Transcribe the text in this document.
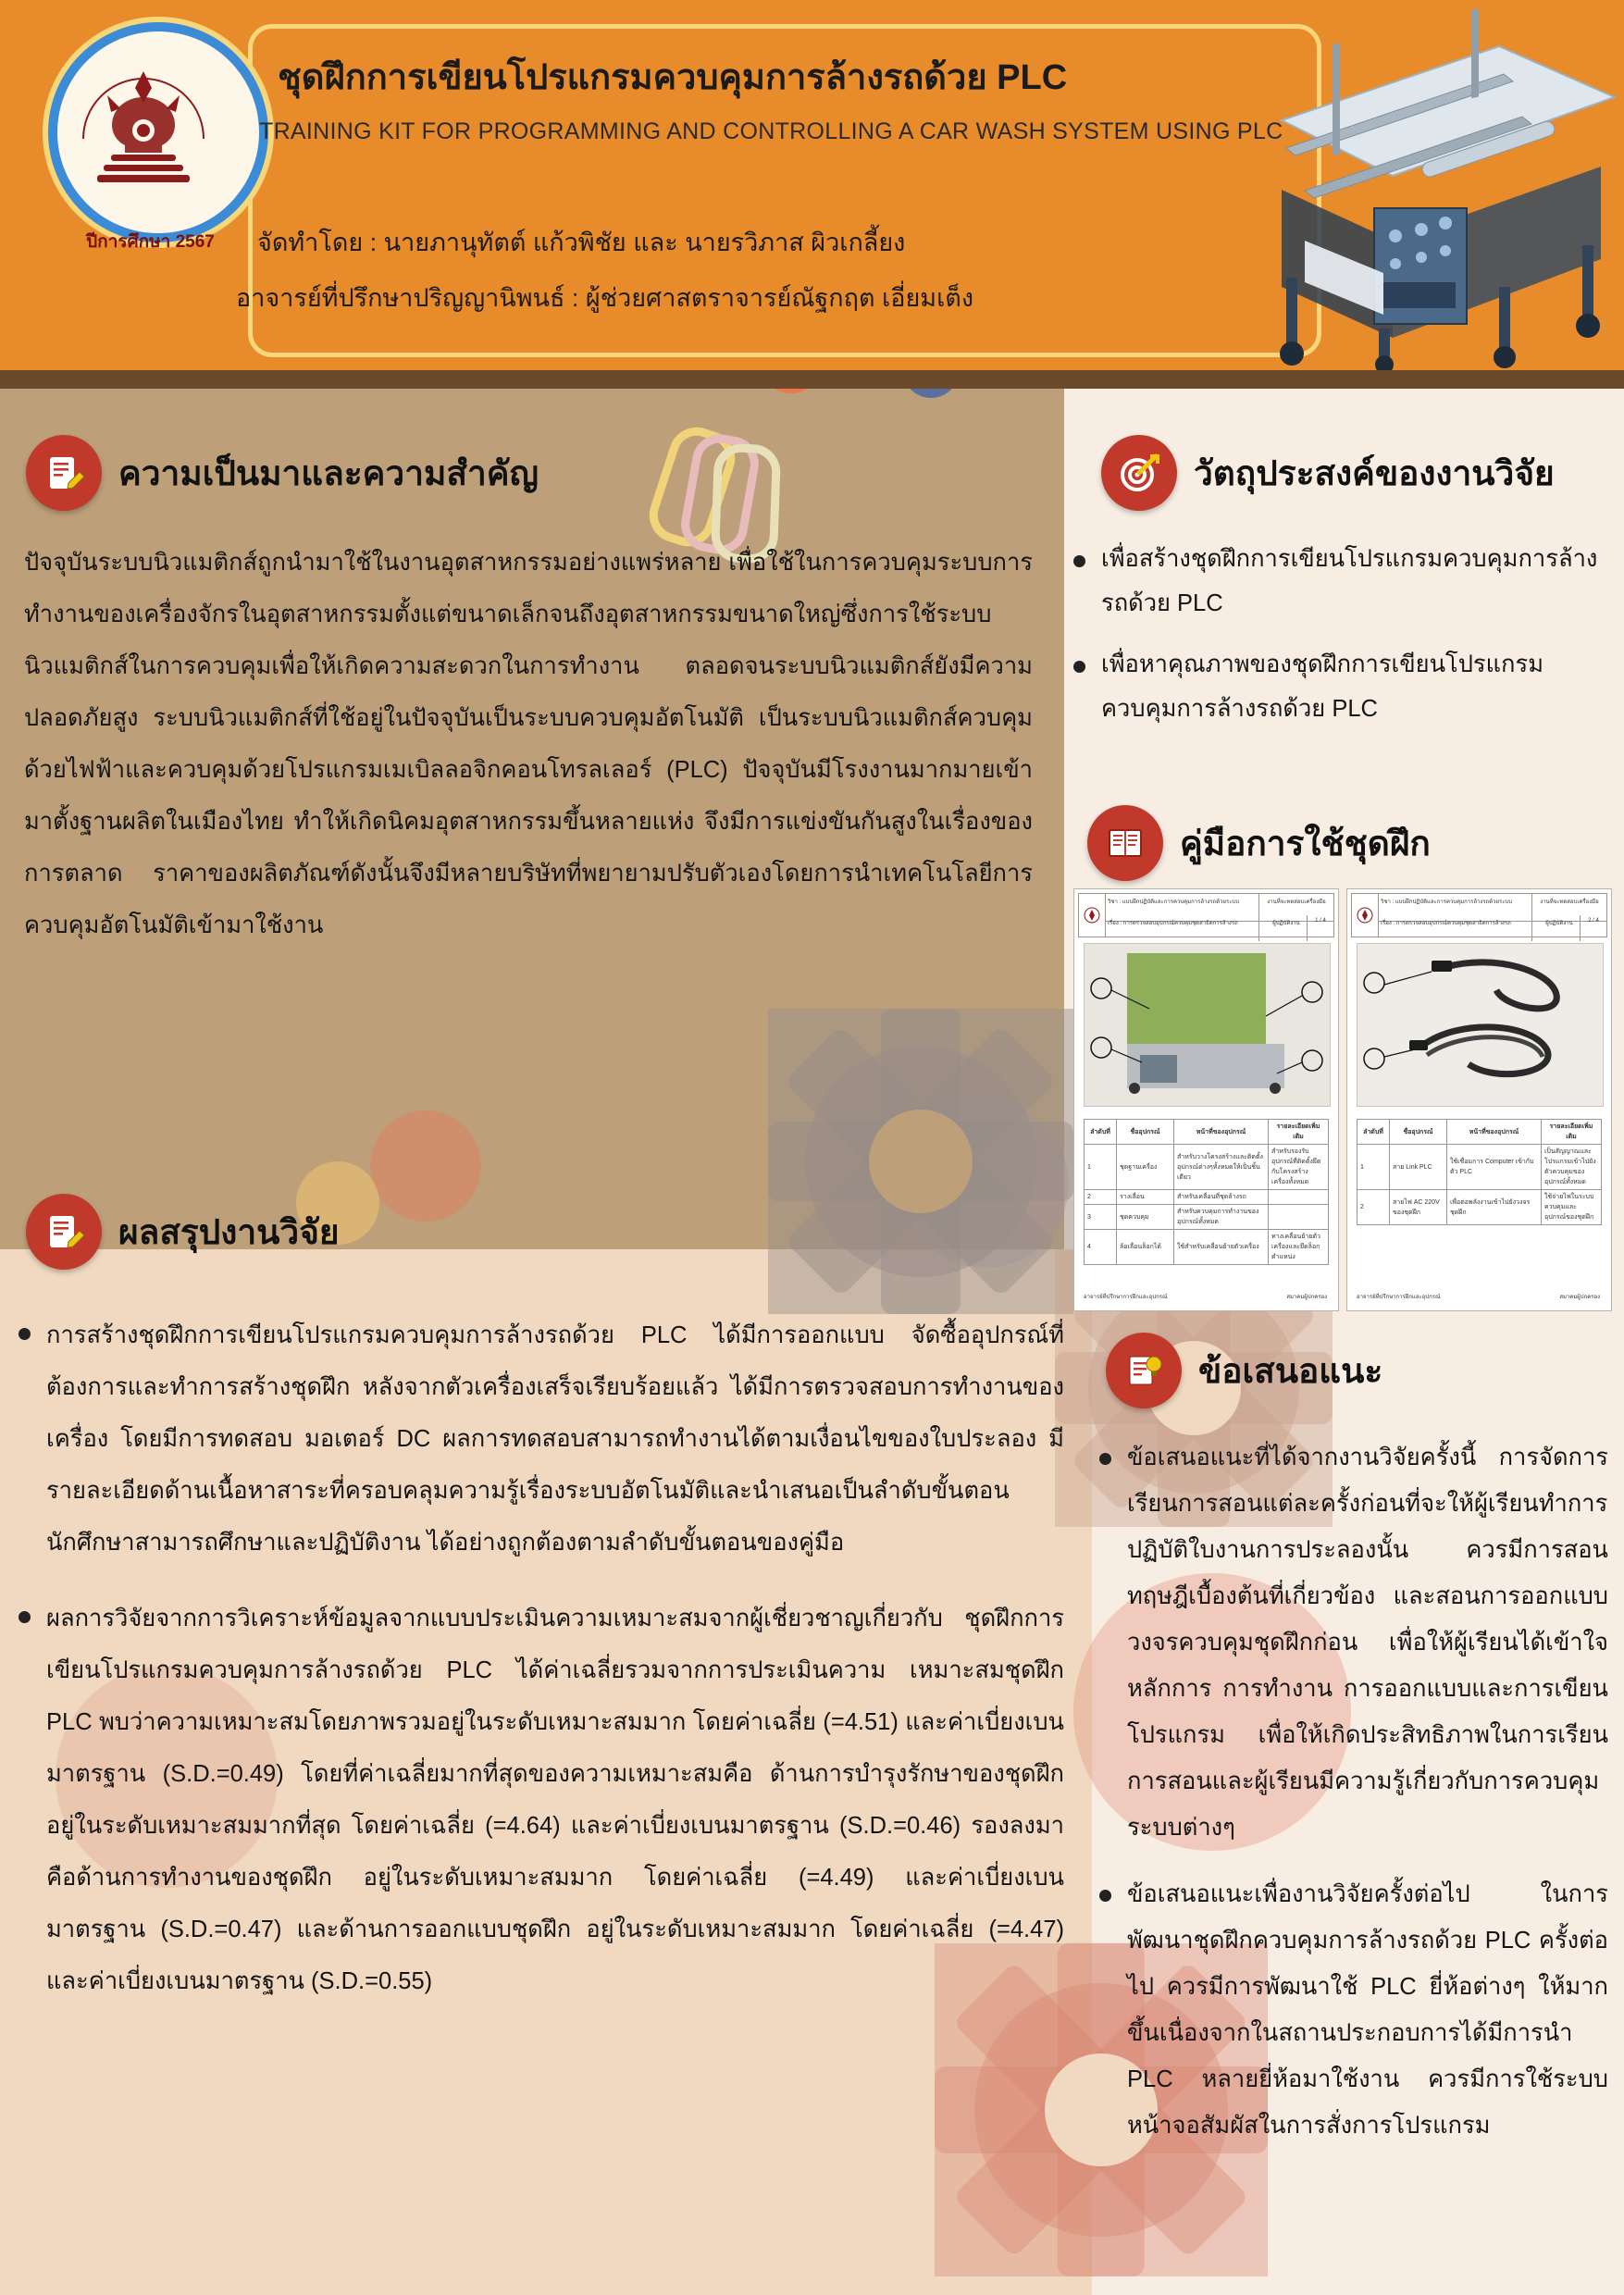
ปีการศึกษา 2567
ชุดฝึกการเขียนโปรแกรมควบคุมการล้างรถด้วย PLC
TRAINING KIT FOR PROGRAMMING AND CONTROLLING A CAR WASH SYSTEM USING PLC
จัดทำโดย : นายภานุทัตต์ แก้วพิชัย และ นายรวิภาส ผิวเกลี้ยง
อาจารย์ที่ปรึกษาปริญญานิพนธ์ : ผู้ช่วยศาสตราจารย์ณัฐกฤต เอี่ยมเต็ง
ความเป็นมาและความสำคัญ
ปัจจุบันระบบนิวแมติกส์ถูกนำมาใช้ในงานอุตสาหกรรมอย่างแพร่หลาย เพื่อใช้ในการควบคุมระบบการทำงานของเครื่องจักรในอุตสาหกรรมตั้งแต่ขนาดเล็กจนถึงอุตสาหกรรมขนาดใหญ่ซึ่งการใช้ระบบนิวแมติกส์ในการควบคุมเพื่อให้เกิดความสะดวกในการทำงาน ตลอดจนระบบนิวแมติกส์ยังมีความปลอดภัยสูง ระบบนิวแมติกส์ที่ใช้อยู่ในปัจจุบันเป็นระบบควบคุมอัตโนมัติ เป็นระบบนิวแมติกส์ควบคุมด้วยไฟฟ้าและควบคุมด้วยโปรแกรมเมเบิลลอจิกคอนโทรลเลอร์ (PLC) ปัจจุบันมีโรงงานมากมายเข้ามาตั้งฐานผลิตในเมืองไทย ทำให้เกิดนิคมอุตสาหกรรมขึ้นหลายแห่ง จึงมีการแข่งขันกันสูงในเรื่องของการตลาด ราคาของผลิตภัณฑ์ดังนั้นจึงมีหลายบริษัทที่พยายามปรับตัวเองโดยการนำเทคโนโลยีการควบคุมอัตโนมัติเข้ามาใช้งาน
วัตถุประสงค์ของงานวิจัย
เพื่อสร้างชุดฝึกการเขียนโปรแกรมควบคุมการล้างรถด้วย PLC
เพื่อหาคุณภาพของชุดฝึกการเขียนโปรแกรมควบคุมการล้างรถด้วย PLC
คู่มือการใช้ชุดฝึก
วิชา : แบบฝึกปฏิบัติและการควบคุมการล้างรถด้วยระบบ
เรื่อง : การตรวจสอบอุปกรณ์ควบคุมชุดสาธิตการล้างรถ
งานที่จะทดสอบเครื่องมือ
ผู้ปฏิบัติงาน	1 / 4
ลำดับที่	ชื่ออุปกรณ์	หน้าที่ของอุปกรณ์	รายละเอียดเพิ่มเติม
1	ชุดฐานเครื่อง	สำหรับวางโครงสร้างและติดตั้งอุปกรณ์ต่างๆทั้งหมดให้เป็นชิ้นเดียว	สำหรับรองรับอุปกรณ์ที่ติดตั้งยึดกับโครงสร้างเครื่องทั้งหมด
2	รางเลื่อน	สำหรับเคลื่อนที่ชุดล้างรถ	
3	ชุดควบคุม	สำหรับควบคุมการทำงานของอุปกรณ์ทั้งหมด	
4	ล้อเลื่อนล็อกได้	ใช้สำหรับเคลื่อนย้ายตัวเครื่อง	ทางเคลื่อนย้ายตัวเครื่องและยึดล็อกตำแหน่ง
อาจารย์ที่ปรึกษาการฝึกและอุปกรณ์	สมาคมผู้ปกครอง
วิชา : แบบฝึกปฏิบัติและการควบคุมการล้างรถด้วยระบบ
เรื่อง : การตรวจสอบอุปกรณ์ควบคุมชุดสาธิตการล้างรถ
งานที่จะทดสอบเครื่องมือ
ผู้ปฏิบัติงาน	2 / 4
ลำดับที่	ชื่ออุปกรณ์	หน้าที่ของอุปกรณ์	รายละเอียดเพิ่มเติม
1	สาย Link PLC	ใช้เชื่อมการ Computer เข้ากับตัว PLC	เป็นสัญญาณและโปรแกรมเข้าไปยังตัวควบคุมของอุปกรณ์ทั้งหมด
2	สายไฟ AC 220V ของชุดฝึก	เพื่อต่อพลังงานเข้าไปยังวงจรชุดฝึก	ใช้จ่ายไฟในระบบควบคุมและอุปกรณ์ของชุดฝึก
อาจารย์ที่ปรึกษาการฝึกและอุปกรณ์	สมาคมผู้ปกครอง
ผลสรุปงานวิจัย
การสร้างชุดฝึกการเขียนโปรแกรมควบคุมการล้างรถด้วย PLC ได้มีการออกแบบ จัดซื้ออุปกรณ์ที่ต้องการและทำการสร้างชุดฝึก หลังจากตัวเครื่องเสร็จเรียบร้อยแล้ว ได้มีการตรวจสอบการทำงานของเครื่อง โดยมีการทดสอบ มอเตอร์ DC ผลการทดสอบสามารถทำงานได้ตามเงื่อนไขของใบประลอง มีรายละเอียดด้านเนื้อหาสาระที่ครอบคลุมความรู้เรื่องระบบอัตโนมัติและนำเสนอเป็นลำดับขั้นตอน นักศึกษาสามารถศึกษาและปฏิบัติงาน ได้อย่างถูกต้องตามลำดับขั้นตอนของคู่มือ
ผลการวิจัยจากการวิเคราะห์ข้อมูลจากแบบประเมินความเหมาะสมจากผู้เชี่ยวชาญเกี่ยวกับ ชุดฝึกการเขียนโปรแกรมควบคุมการล้างรถด้วย PLC ได้ค่าเฉลี่ยรวมจากการประเมินความ เหมาะสมชุดฝึก PLC พบว่าความเหมาะสมโดยภาพรวมอยู่ในระดับเหมาะสมมาก โดยค่าเฉลี่ย (=4.51) และค่าเบี่ยงเบนมาตรฐาน (S.D.=0.49) โดยที่ค่าเฉลี่ยมากที่สุดของความเหมาะสมคือ ด้านการบำรุงรักษาของชุดฝึก อยู่ในระดับเหมาะสมมากที่สุด โดยค่าเฉลี่ย (=4.64) และค่าเบี่ยงเบนมาตรฐาน (S.D.=0.46) รองลงมาคือด้านการทำงานของชุดฝึก อยู่ในระดับเหมาะสมมาก โดยค่าเฉลี่ย (=4.49) และค่าเบี่ยงเบนมาตรฐาน (S.D.=0.47) และด้านการออกแบบชุดฝึก อยู่ในระดับเหมาะสมมาก โดยค่าเฉลี่ย (=4.47) และค่าเบี่ยงเบนมาตรฐาน (S.D.=0.55)
ข้อเสนอแนะ
ข้อเสนอแนะที่ได้จากงานวิจัยครั้งนี้ การจัดการเรียนการสอนแต่ละครั้งก่อนที่จะให้ผู้เรียนทำการปฏิบัติใบงานการประลองนั้น ควรมีการสอนทฤษฎีเบื้องต้นที่เกี่ยวข้อง และสอนการออกแบบวงจรควบคุมชุดฝึกก่อน เพื่อให้ผู้เรียนได้เข้าใจหลักการ การทำงาน การออกแบบและการเขียนโปรแกรม เพื่อให้เกิดประสิทธิภาพในการเรียนการสอนและผู้เรียนมีความรู้เกี่ยวกับการควบคุมระบบต่างๆ
ข้อเสนอแนะเพื่องานวิจัยครั้งต่อไป ในการพัฒนาชุดฝึกควบคุมการล้างรถด้วย PLC ครั้งต่อไป ควรมีการพัฒนาใช้ PLC ยี่ห้อต่างๆ ให้มากขึ้นเนื่องจากในสถานประกอบการได้มีการนำ PLC หลายยี่ห้อมาใช้งาน ควรมีการใช้ระบบหน้าจอสัมผัสในการสั่งการโปรแกรม
